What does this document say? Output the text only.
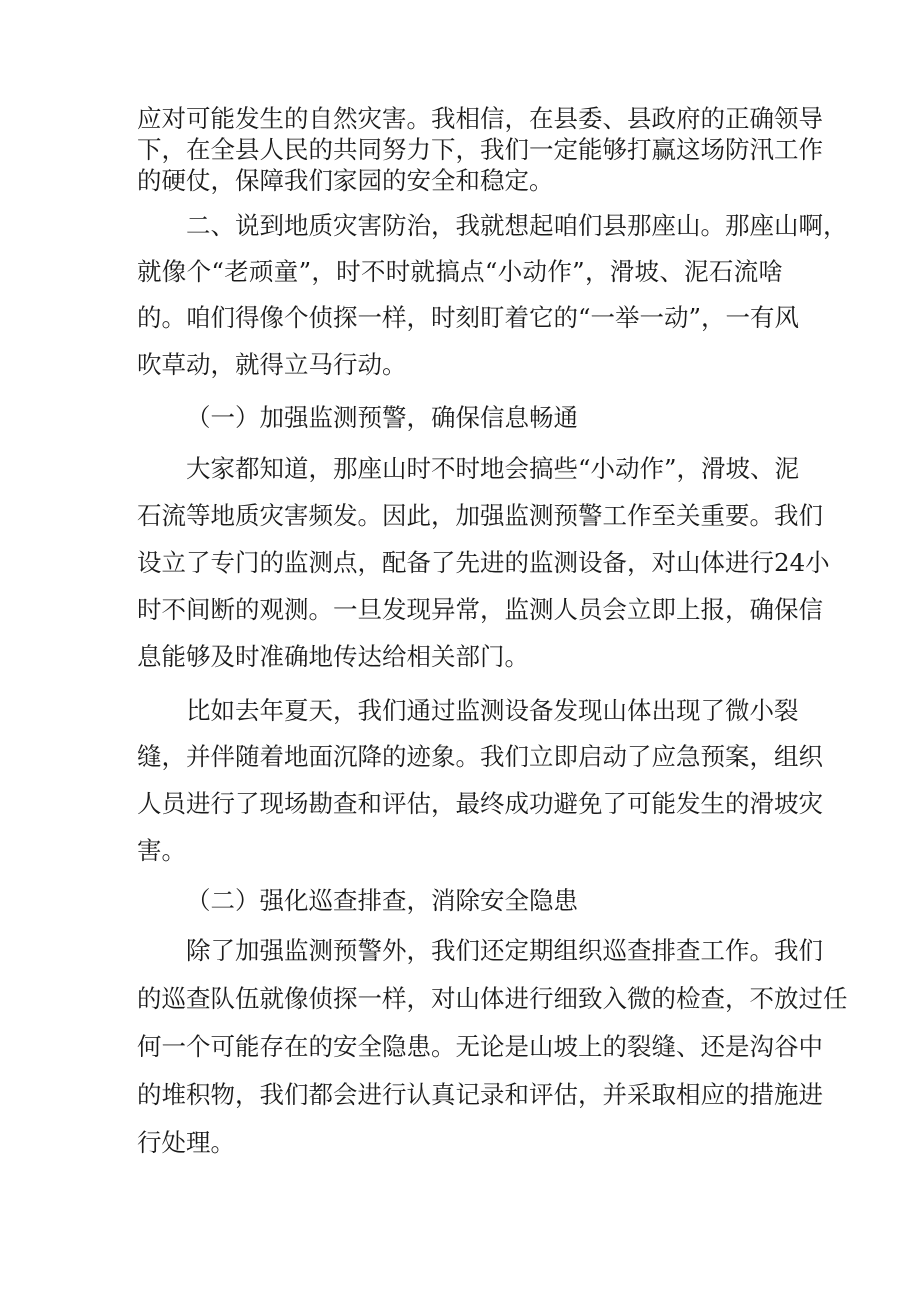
应对可能发生的自然灾害。我相信，在县委、县政府的正确领导
下，在全县人民的共同努力下，我们一定能够打赢这场防汛工作
的硬仗，保障我们家园的安全和稳定。
二、说到地质灾害防治，我就想起咱们县那座山。那座山啊，
就像个“老顽童”，时不时就搞点“小动作”，滑坡、泥石流啥
的。咱们得像个侦探一样，时刻盯着它的“一举一动”，一有风
吹草动，就得立马行动。
（一）加强监测预警，确保信息畅通
大家都知道，那座山时不时地会搞些“小动作”，滑坡、泥
石流等地质灾害频发。因此，加强监测预警工作至关重要。我们
设立了专门的监测点，配备了先进的监测设备，对山体进行24小
时不间断的观测。一旦发现异常，监测人员会立即上报，确保信
息能够及时准确地传达给相关部门。
比如去年夏天，我们通过监测设备发现山体出现了微小裂
缝，并伴随着地面沉降的迹象。我们立即启动了应急预案，组织
人员进行了现场勘查和评估，最终成功避免了可能发生的滑坡灾
害。
（二）强化巡查排查，消除安全隐患
除了加强监测预警外，我们还定期组织巡查排查工作。我们
的巡查队伍就像侦探一样，对山体进行细致入微的检查，不放过任
何一个可能存在的安全隐患。无论是山坡上的裂缝、还是沟谷中
的堆积物，我们都会进行认真记录和评估，并采取相应的措施进
行处理。
